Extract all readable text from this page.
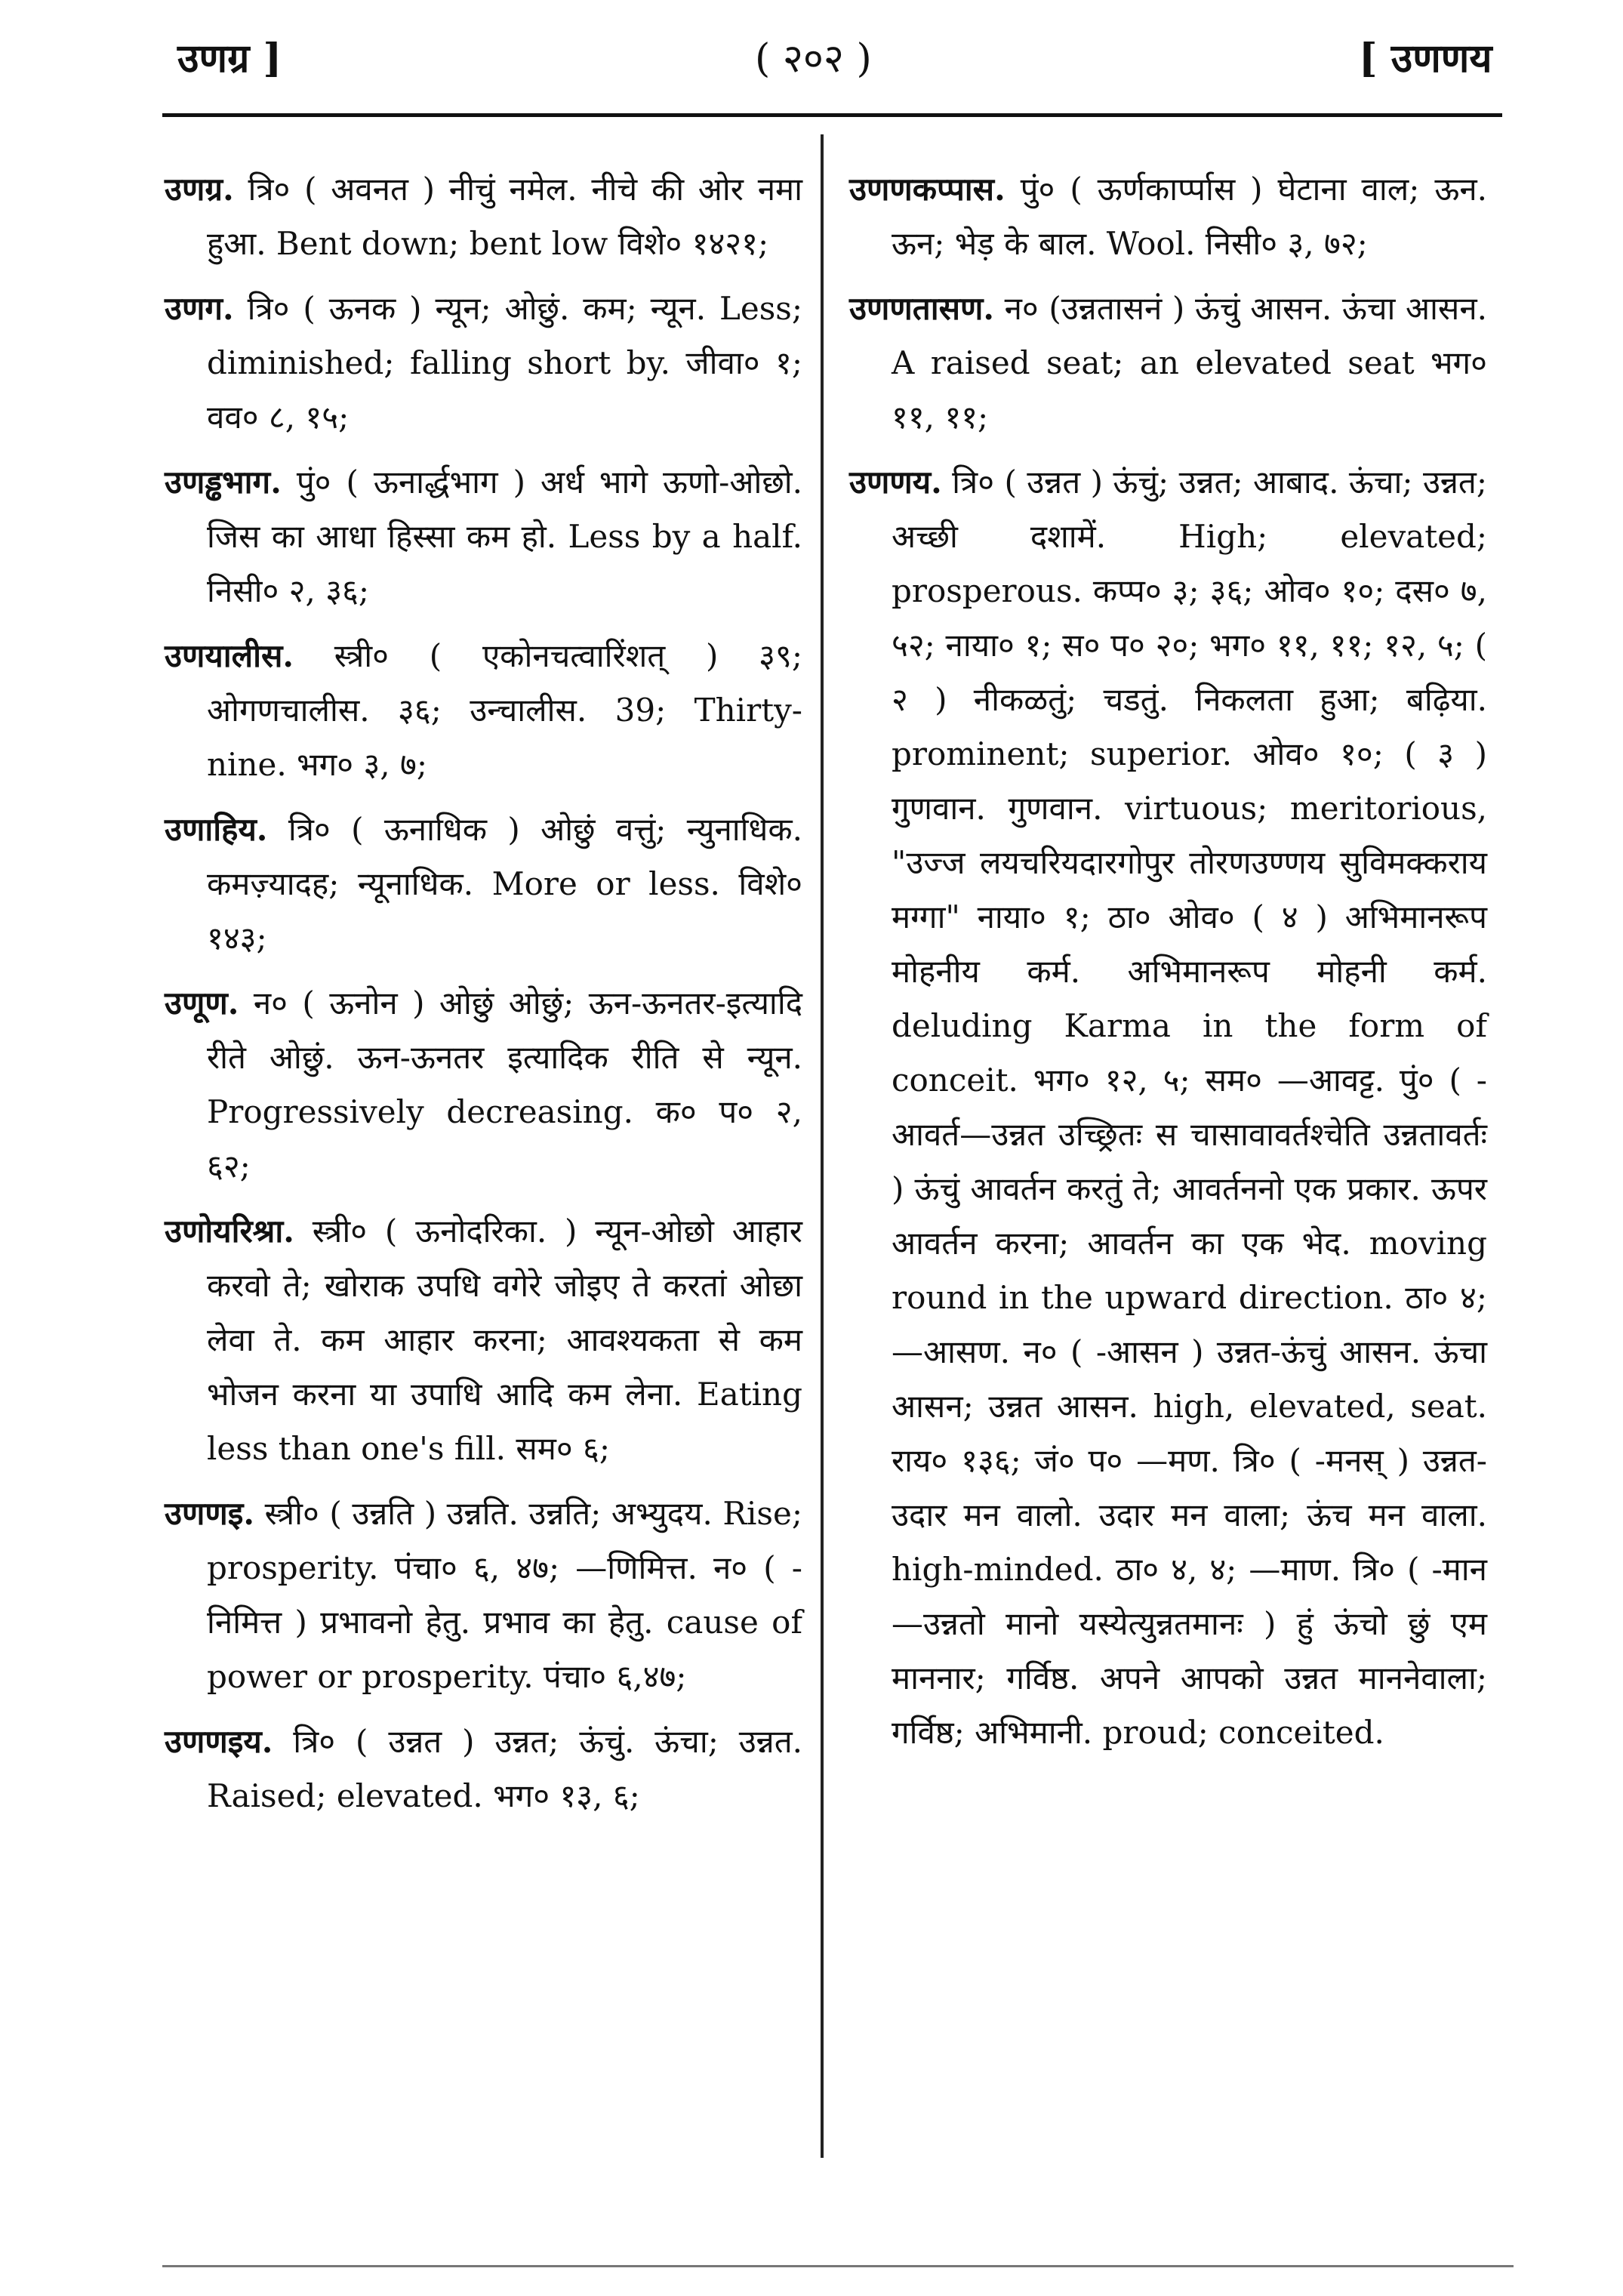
उणग्र ]	( २०२ )	[ उणणय

उणग्र. त्रि० ( अवनत ) नीचुं नमेल. नीचे की ओर नमा हुआ. Bent down; bent low विशे० १४२१;

उणग. त्रि० ( ऊनक ) न्यून; ओछुं. कम; न्यून. Less; diminished; falling short by. जीवा० १; वव० ८, १५;

उणड्ढभाग. पुं० ( ऊनार्द्धभाग ) अर्ध भागे ऊणो-ओछो. जिस का आधा हिस्सा कम हो. Less by a half. निसी० २, ३६;

उणयालीस. स्त्री० ( एकोनचत्वारिंशत् ) ३९; ओगणचालीस. ३६; उन्चालीस. 39; Thirty-nine. भग० ३, ७;

उणाहिय. त्रि० ( ऊनाधिक ) ओछुं वत्तुं; न्युनाधिक. कमज़्यादह; न्यूनाधिक. More or less. विशे० १४३;

उणूण. न० ( ऊनोन ) ओछुं ओछुं; ऊन-ऊनतर-इत्यादि रीते ओछुं. ऊन-ऊनतर इत्यादिक रीति से न्यून. Progressively decreasing. क० प० २, ६२;

उणोयरिश्रा. स्त्री० ( ऊनोदरिका. ) न्यून-ओछो आहार करवो ते; खोराक उपधि वगेरे जोइए ते करतां ओछा लेवा ते. कम आहार करना; आवश्यकता से कम भोजन करना या उपाधि आदि कम लेना. Eating less than one's fill. सम० ६;

उणणइ. स्त्री० ( उन्नति ) उन्नति. उन्नति; अभ्युदय. Rise; prosperity. पंचा० ६, ४७; —णिमित्त. न० ( -निमित्त ) प्रभावनो हेतु. प्रभाव का हेतु. cause of power or prosperity. पंचा० ६,४७;

उणणइय. त्रि० ( उन्नत ) उन्नत; ऊंचुं. ऊंचा; उन्नत. Raised; elevated. भग० १३, ६;

उणणकप्पास. पुं० ( ऊर्णकार्प्पास ) घेटाना वाल; ऊन. ऊन; भेड़ के बाल. Wool. निसी० ३, ७२;

उणणतासण. न० (उन्नतासनं ) ऊंचुं आसन. ऊंचा आसन. A raised seat; an elevated seat भग० ११, ११;

उणणय. त्रि० ( उन्नत ) ऊंचुं; उन्नत; आबाद. ऊंचा; उन्नत; अच्छी दशामें. High; elevated; prosperous. कप्प० ३; ३६; ओव० १०; दस० ७, ५२; नाया० १; स० प० २०; भग० ११, ११; १२, ५; ( २ ) नीकळतुं; चडतुं. निकलता हुआ; बढ़िया. prominent; superior. ओव० १०; ( ३ ) गुणवान. गुणवान. virtuous; meritorious, "उज्ज लयचरियदारगोपुर तोरणउण्णय सुविमक्कराय मग्गा" नाया० १; ठा० ओव० ( ४ ) अभिमानरूप मोहनीय कर्म. अभिमानरूप मोहनी कर्म. deluding Karma in the form of conceit. भग० १२, ५; सम० —आवट्ट. पुं० ( -आवर्त—उन्नत उच्छ्रितः स चासावावर्तश्चेति उन्नतावर्तः ) ऊंचुं आवर्तन करतुं ते; आवर्तननो एक प्रकार. ऊपर आवर्तन करना; आवर्तन का एक भेद. moving round in the upward direction. ठा० ४; —आसण. न० ( -आसन ) उन्नत-ऊंचुं आसन. ऊंचा आसन; उन्नत आसन. high, elevated, seat. राय० १३६; जं० प० —मण. त्रि० ( -मनस् ) उन्नत-उदार मन वालो. उदार मन वाला; ऊंच मन वाला. high-minded. ठा० ४, ४; —माण. त्रि० ( -मान—उन्नतो मानो यस्येत्युन्नतमानः ) हुं ऊंचो छुं एम माननार; गर्विष्ठ. अपने आपको उन्नत माननेवाला; गर्विष्ठ; अभिमानी. proud; conceited.
